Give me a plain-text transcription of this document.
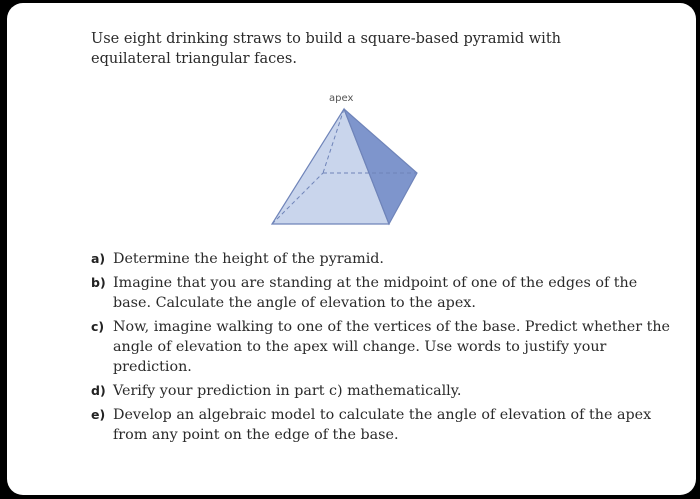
Use eight drinking straws to build a square-based pyramid with equilateral triangular faces.

apex
a) Determine the height of the pyramid.
b) Imagine that you are standing at the midpoint of one of the edges of the base. Calculate the angle of elevation to the apex.
c) Now, imagine walking to one of the vertices of the base. Predict whether the angle of elevation to the apex will change. Use words to justify your prediction.
d) Verify your prediction in part c) mathematically.
e) Develop an algebraic model to calculate the angle of elevation of the apex from any point on the edge of the base.
